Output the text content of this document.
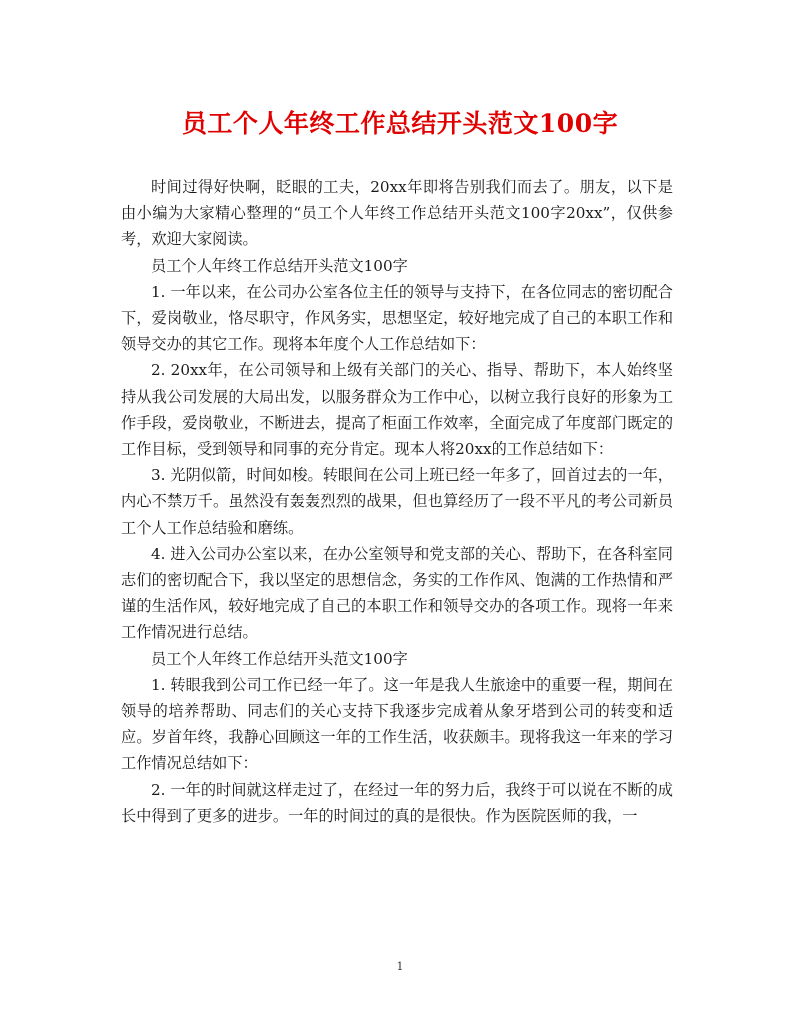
员工个人年终工作总结开头范文100字

时间过得好快啊，眨眼的工夫，20xx年即将告别我们而去了。朋友，以下是由小编为大家精心整理的“员工个人年终工作总结开头范文100字20xx”，仅供参考，欢迎大家阅读。

员工个人年终工作总结开头范文100字

1. 一年以来，在公司办公室各位主任的领导与支持下，在各位同志的密切配合下，爱岗敬业，恪尽职守，作风务实，思想坚定，较好地完成了自己的本职工作和领导交办的其它工作。现将本年度个人工作总结如下：

2. 20xx年，在公司领导和上级有关部门的关心、指导、帮助下，本人始终坚持从我公司发展的大局出发，以服务群众为工作中心，以树立我行良好的形象为工作手段，爱岗敬业，不断进去，提高了柜面工作效率，全面完成了年度部门既定的工作目标，受到领导和同事的充分肯定。现本人将20xx的工作总结如下：

3. 光阴似箭，时间如梭。转眼间在公司上班已经一年多了，回首过去的一年，内心不禁万千。虽然没有轰轰烈烈的战果，但也算经历了一段不平凡的考公司新员工个人工作总结验和磨练。

4. 进入公司办公室以来，在办公室领导和党支部的关心、帮助下，在各科室同志们的密切配合下，我以坚定的思想信念，务实的工作作风、饱满的工作热情和严谨的生活作风，较好地完成了自己的本职工作和领导交办的各项工作。现将一年来工作情况进行总结。

员工个人年终工作总结开头范文100字

1. 转眼我到公司工作已经一年了。这一年是我人生旅途中的重要一程，期间在领导的培养帮助、同志们的关心支持下我逐步完成着从象牙塔到公司的转变和适应。岁首年终，我静心回顾这一年的工作生活，收获颇丰。现将我这一年来的学习工作情况总结如下：

2. 一年的时间就这样走过了，在经过一年的努力后，我终于可以说在不断的成长中得到了更多的进步。一年的时间过的真的是很快。作为医院医师的我，一

1
